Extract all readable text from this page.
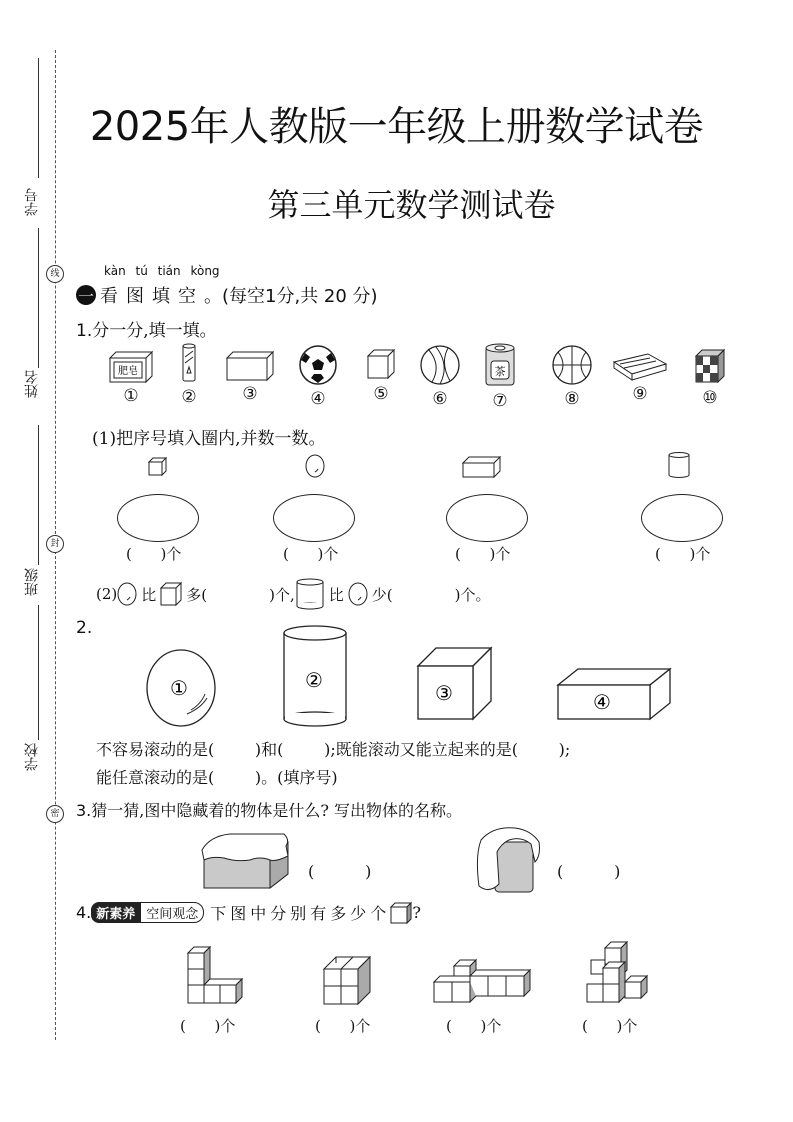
学号
姓名
班级
学校
线
封
密
2025年人教版一年级上册数学试卷
第三单元数学测试卷
kàn tú tián kòng
一 看图填空 。 (每空1分,共 20 分)
1.分一分,填一填。
肥皂
①	②	③	④	⑤	⑥
茶
⑦	⑧	⑨	⑩
(1)把序号填入圈内,并数一数。
(      )个	(      )个	(      )个	(      )个
(2) 比 多(	)个, 比 少(	)个。
2.
①	②
③	④
不容易滚动的是(        )和(        );既能滚动又能立起来的是(        );
能任意滚动的是(        )。(填序号)
3.猜一猜,图中隐藏着的物体是什么? 写出物体的名称。
(          )	(          )
4. 新素养 空间观念 下图中分别有多少个 ?
(      )个	(      )个	(      )个	(      )个
